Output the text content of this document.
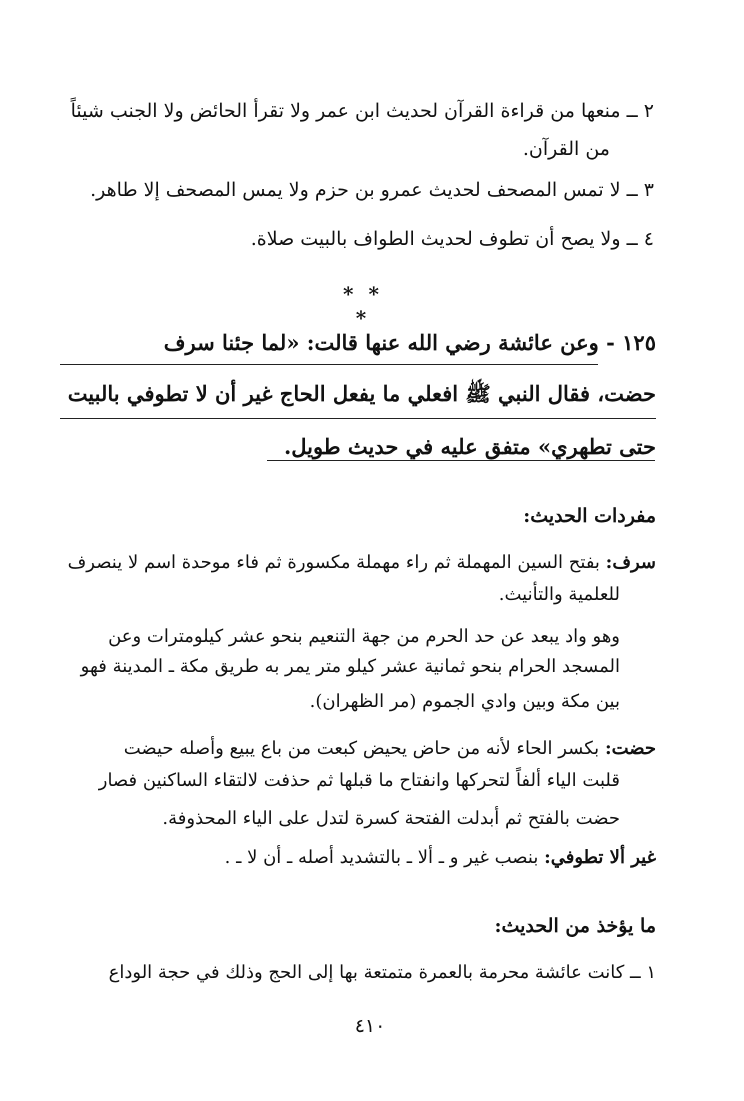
٢ ــ منعها من قراءة القرآن لحديث ابن عمر ولا تقرأ الحائض ولا الجنب شيئاً
من القرآن.
٣ ــ لا تمس المصحف لحديث عمرو بن حزم ولا يمس المصحف إلا طاهر.
٤ ــ ولا يصح أن تطوف لحديث الطواف بالبيت صلاة.
* * *
١٢٥ - وعن عائشة رضي الله عنها قالت: «لما جئنا سرف
حضت، فقال النبي ﷺ افعلي ما يفعل الحاج غير أن لا تطوفي بالبيت
حتى تطهري» متفق عليه في حديث طويل.
مفردات الحديث:
سرف: بفتح السين المهملة ثم راء مهملة مكسورة ثم فاء موحدة اسم لا ينصرف
للعلمية والتأنيث.
وهو واد يبعد عن حد الحرم من جهة التنعيم بنحو عشر كيلومترات وعن
المسجد الحرام بنحو ثمانية عشر كيلو متر يمر به طريق مكة ـ المدينة فهو
بين مكة وبين وادي الجموم (مر الظهران).
حضت: بكسر الحاء لأنه من حاض يحيض كبعت من باع يبيع وأصله حيضت
قلبت الياء ألفاً لتحركها وانفتاح ما قبلها ثم حذفت لالتقاء الساكنين فصار
حضت بالفتح ثم أبدلت الفتحة كسرة لتدل على الياء المحذوفة.
غير ألا تطوفي: بنصب غير و ـ ألا ـ بالتشديد أصله ـ أن لا ـ .
ما يؤخذ من الحديث:
١ ــ كانت عائشة محرمة بالعمرة متمتعة بها إلى الحج وذلك في حجة الوداع
٤١٠
